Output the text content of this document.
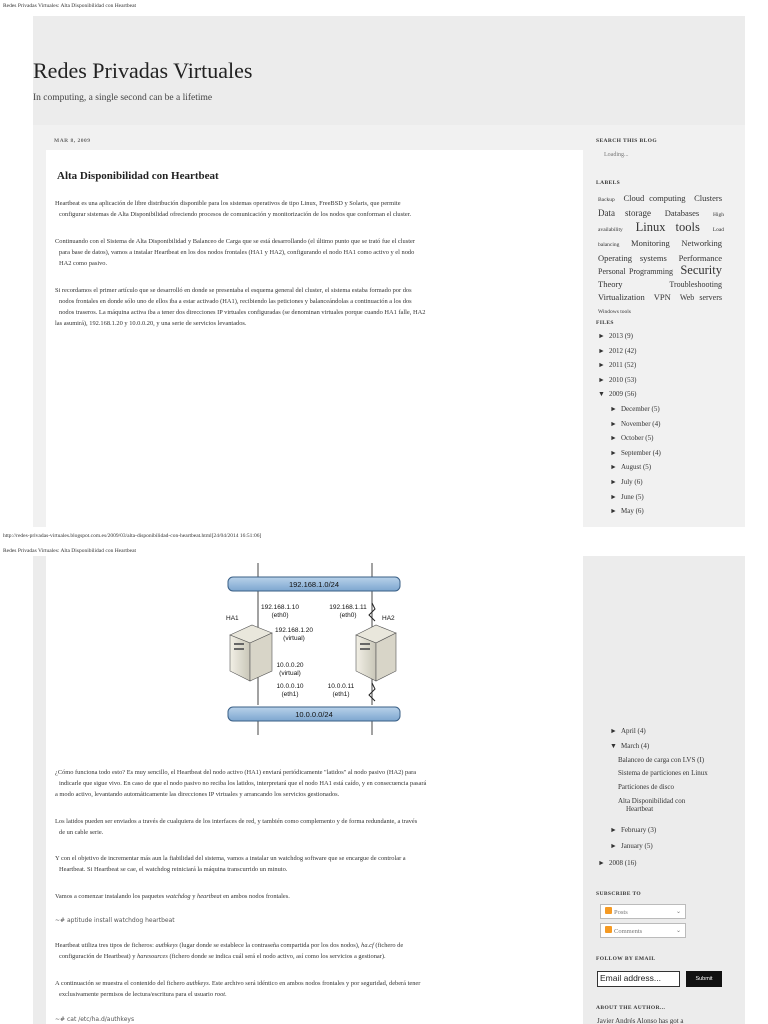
Redes Privadas Virtuales: Alta Disponibilidad con Heartbeat
Redes Privadas Virtuales
In computing, a single second can be a lifetime
MAR 8, 2009
Alta Disponibilidad con Heartbeat
Heartbeat es una aplicación de libre distribución disponible para los sistemas operativos de tipo Linux, FreeBSD y Solaris, que permite
configurar sistemas de Alta Disponibilidad ofreciendo procesos de comunicación y monitorización de los nodos que conforman el cluster.
Continuando con el Sistema de Alta Disponibilidad y Balanceo de Carga que se está desarrollando (el último punto que se trató fue el cluster
para base de datos), vamos a instalar Heartbeat en los dos nodos frontales (HA1 y HA2), configurando el nodo HA1 como activo y el nodo
HA2 como pasivo.
Si recordamos el primer artículo que se desarrolló en donde se presentaba el esquema general del cluster, el sistema estaba formado por dos
nodos frontales en donde sólo uno de ellos iba a estar activado (HA1), recibiendo las peticiones y balanceándolas a continuación a los dos
nodos traseros. La máquina activa iba a tener dos direcciones IP virtuales configuradas (se denominan virtuales porque cuando HA1 falle, HA2
las asumirá), 192.168.1.20 y 10.0.0.20, y una serie de servicios levantados.
SEARCH THIS BLOG
Loading...
LABELS
Backup Cloud computing Clusters Data storage Databases	High availability Linux tools Load balancing Monitoring Networking Operating systems Performance Personal Programming Security Theory	Troubleshooting Virtualization VPN Web servers Windows tools
FILES
► 2013 (9)
► 2012 (42)
► 2011 (52)
► 2010 (53)
▼ 2009 (56)
► December (5)
► November (4)
► October (5)
► September (4)
► August (5)
► July (6)
► June (5)
► May (6)
http://redes-privadas-virtuales.blogspot.com.es/2009/03/alta-disponibilidad-con-heartbeat.html[24/04/2014 16:51:06]
Redes Privadas Virtuales: Alta Disponibilidad con Heartbeat
192.168.1.0/24
10.0.0.0/24
HA1	HA2
192.168.1.10
(eth0)
192.168.1.11
(eth0)
192.168.1.20
(virtual)
10.0.0.20
(virtual)
10.0.0.10
(eth1)
10.0.0.11
(eth1)
¿Cómo funciona todo esto? Es muy sencillo, el Heartbeat del nodo activo (HA1) enviará periódicamente "latidos" al nodo pasivo (HA2) para
indicarle que sigue vivo. En caso de que el nodo pasivo no reciba los latidos, interpretará que el nodo HA1 está caído, y en consecuencia pasará
a modo activo, levantando automáticamente las direcciones IP virtuales y arrancando los servicios gestionados.
Los latidos pueden ser enviados a través de cualquiera de los interfaces de red, y también como complemento y de forma redundante, a través
de un cable serie.
Y con el objetivo de incrementar más aun la fiabilidad del sistema, vamos a instalar un watchdog software que se encargue de controlar a
Heartbeat. Si Heartbeat se cae, el watchdog reiniciará la máquina transcurrido un minuto.
Vamos a comenzar instalando los paquetes watchdog y heartbeat en ambos nodos frontales.
~# aptitude install watchdog heartbeat
Heartbeat utiliza tres tipos de ficheros: authkeys (lugar donde se establece la contraseña compartida por los dos nodos), ha.cf (fichero de
configuración de Heartbeat) y haresources (fichero donde se indica cuál será el nodo activo, así como los servicios a gestionar).
A continuación se muestra el contenido del fichero authkeys. Este archivo será idéntico en ambos nodos frontales y por seguridad, deberá tener
exclusivamente permisos de lectura/escritura para el usuario root.
~# cat /etc/ha.d/authkeys
► April (4)
▼ March (4)
Balanceo de carga con LVS (I)
Sistema de particiones en Linux
Particiones de disco
Alta Disponibilidad con
Heartbeat
► February (3)
► January (5)
► 2008 (16)
SUBSCRIBE TO
Posts	⌄
Comments	⌄
FOLLOW BY EMAIL
Email address...	Submit
ABOUT THE AUTHOR...
Javier Andrés Alonso has got a
